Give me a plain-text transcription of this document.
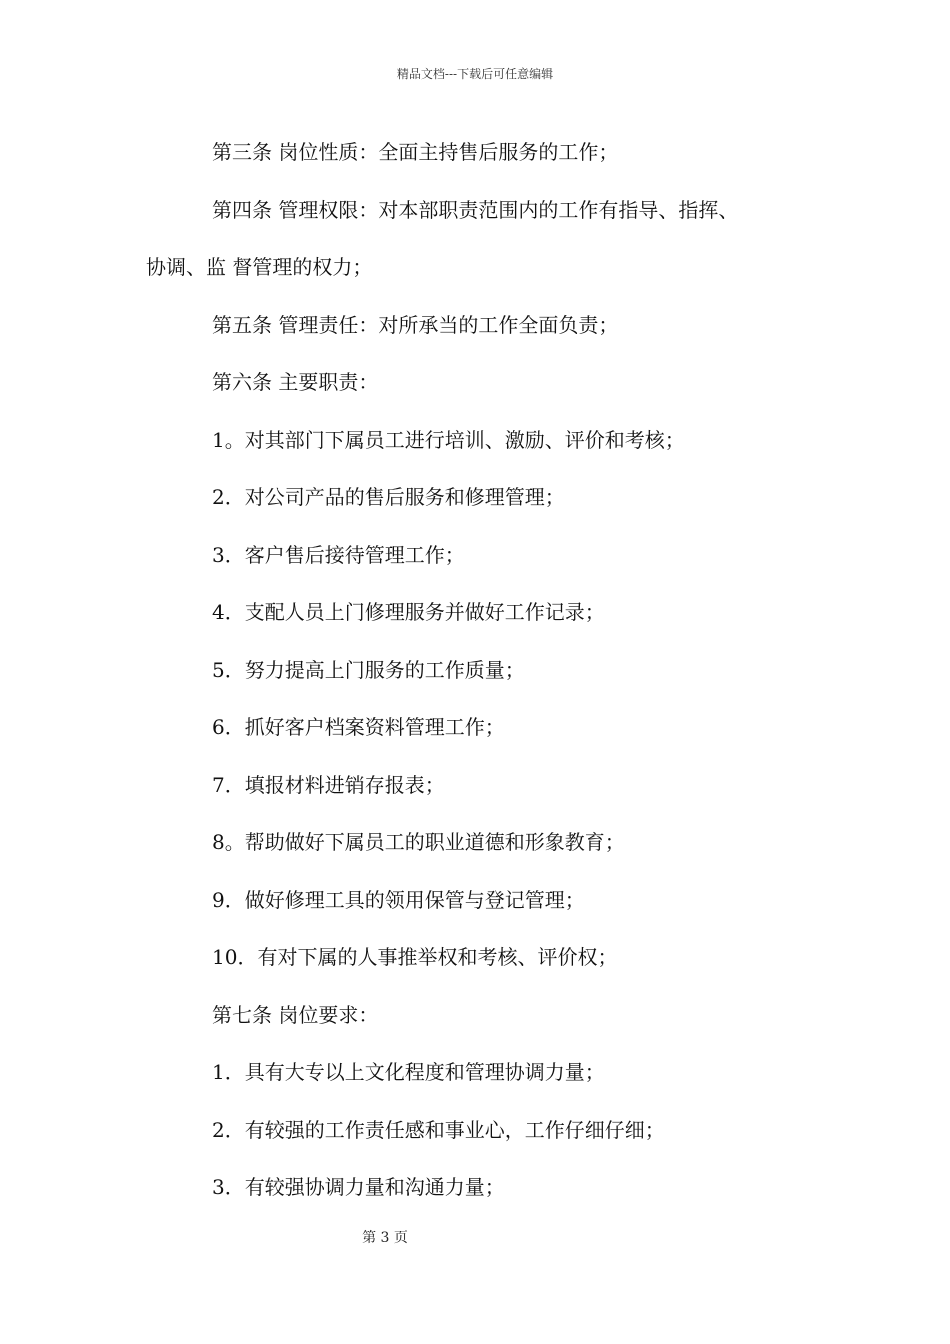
精品文档---下载后可任意编辑

第三条 岗位性质：全面主持售后服务的工作；

第四条 管理权限：对本部职责范围内的工作有指导、指挥、
协调、监 督管理的权力；

第五条 管理责任：对所承当的工作全面负责；

第六条 主要职责：

1。对其部门下属员工进行培训、激励、评价和考核；

2．对公司产品的售后服务和修理管理；

3．客户售后接待管理工作；

4．支配人员上门修理服务并做好工作记录；

5．努力提高上门服务的工作质量；

6．抓好客户档案资料管理工作；

7．填报材料进销存报表；

8。帮助做好下属员工的职业道德和形象教育；

9．做好修理工具的领用保管与登记管理；

10．有对下属的人事推举权和考核、评价权；

第七条 岗位要求：

1．具有大专以上文化程度和管理协调力量；

2．有较强的工作责任感和事业心，工作仔细仔细；

3．有较强协调力量和沟通力量；

第 3 页
